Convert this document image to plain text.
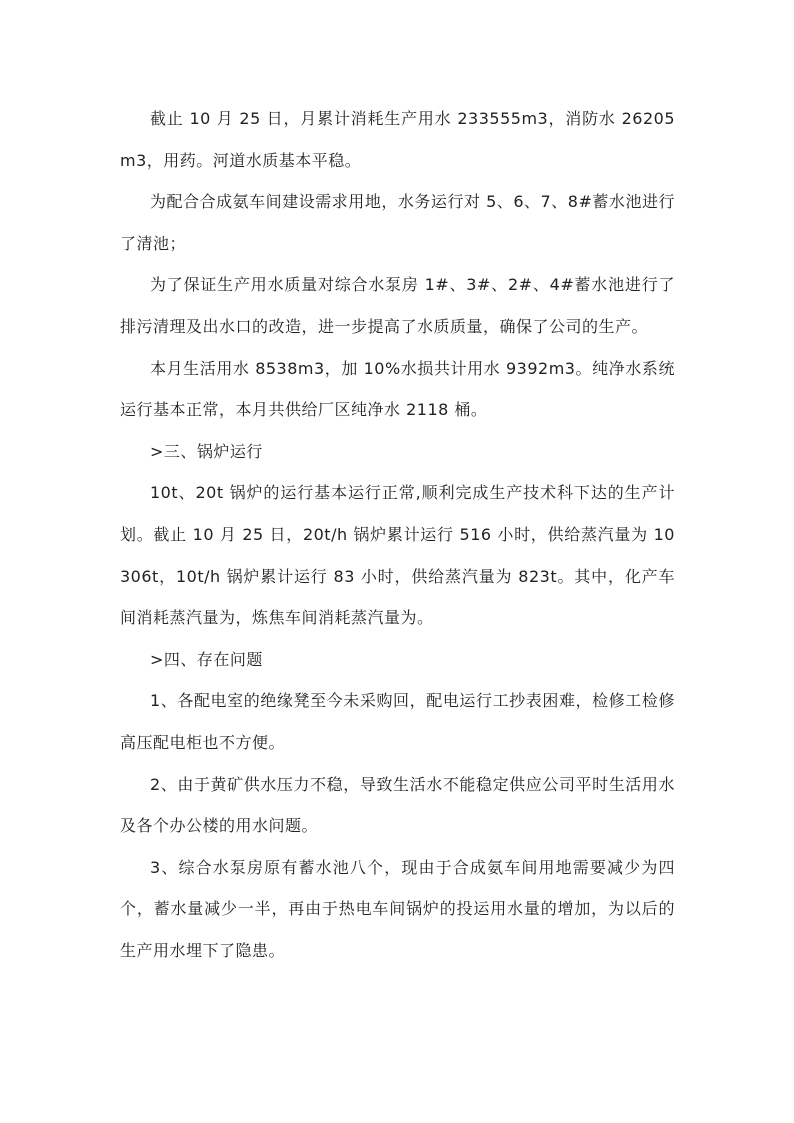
截止 10 月 25 日，月累计消耗生产用水 233555m3，消防水 26205m3，用药。河道水质基本平稳。

为配合合成氨车间建设需求用地，水务运行对 5、6、7、8#蓄水池进行了清池；

为了保证生产用水质量对综合水泵房 1#、3#、2#、4#蓄水池进行了排污清理及出水口的改造，进一步提高了水质质量，确保了公司的生产。

本月生活用水 8538m3，加 10%水损共计用水 9392m3。纯净水系统运行基本正常，本月共供给厂区纯净水 2118 桶。

>三、锅炉运行

10t、20t 锅炉的运行基本运行正常,顺利完成生产技术科下达的生产计划。截止 10 月 25 日，20t/h 锅炉累计运行 516 小时，供给蒸汽量为 10306t，10t/h 锅炉累计运行 83 小时，供给蒸汽量为 823t。其中，化产车间消耗蒸汽量为，炼焦车间消耗蒸汽量为。

>四、存在问题

1、各配电室的绝缘凳至今未采购回，配电运行工抄表困难，检修工检修高压配电柜也不方便。

2、由于黄矿供水压力不稳，导致生活水不能稳定供应公司平时生活用水及各个办公楼的用水问题。

3、综合水泵房原有蓄水池八个，现由于合成氨车间用地需要减少为四个，蓄水量减少一半，再由于热电车间锅炉的投运用水量的增加，为以后的生产用水埋下了隐患。
